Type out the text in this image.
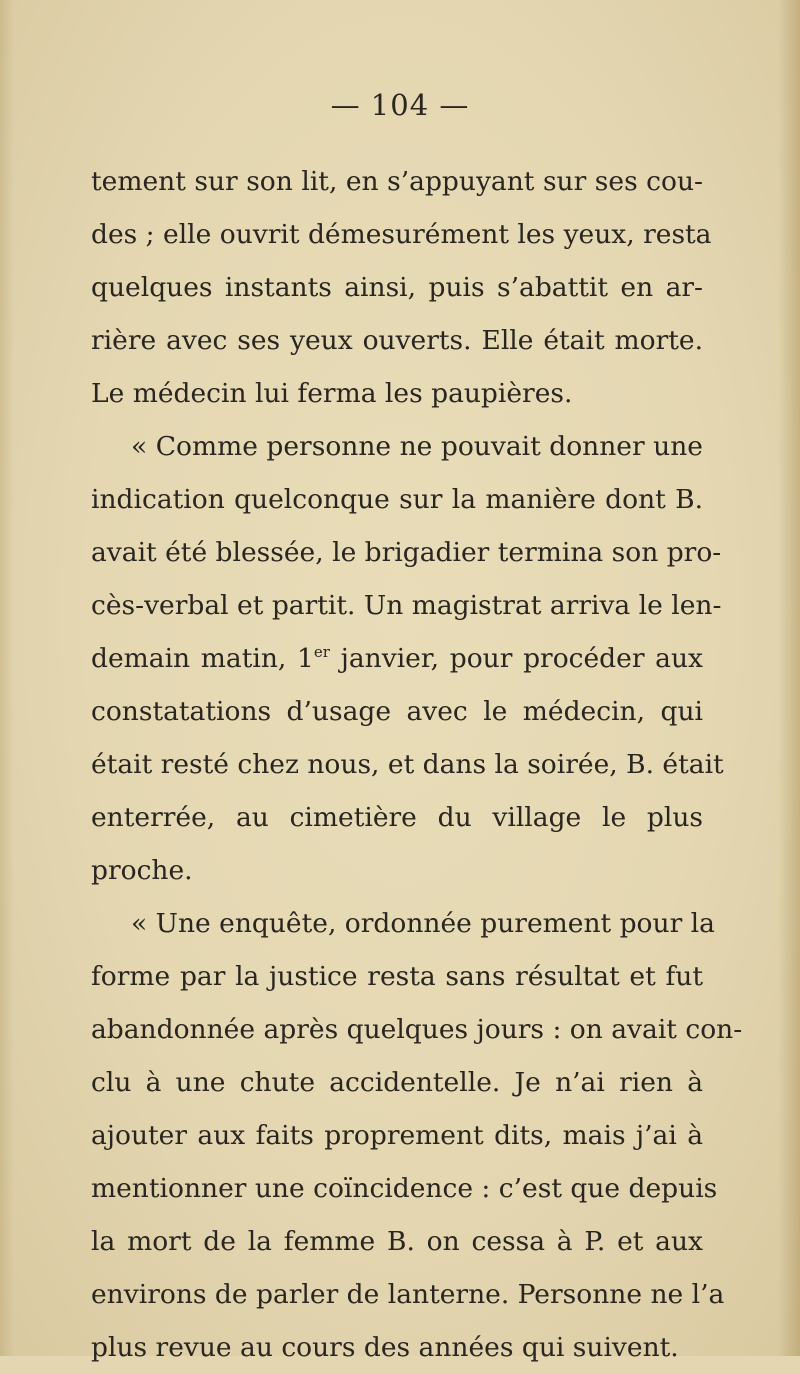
— 104 —
tement sur son lit, en s’appuyant sur ses cou-
des ; elle ouvrit démesurément les yeux, resta
quelques instants ainsi, puis s’abattit en ar-
rière avec ses yeux ouverts. Elle était morte.
Le médecin lui ferma les paupières.
« Comme personne ne pouvait donner une
indication quelconque sur la manière dont B.
avait été blessée, le brigadier termina son pro-
cès-verbal et partit. Un magistrat arriva le len-
demain matin, 1er janvier, pour procéder aux
constatations d’usage avec le médecin, qui
était resté chez nous, et dans la soirée, B. était
enterrée, au cimetière du village le plus
proche.
« Une enquête, ordonnée purement pour la
forme par la justice resta sans résultat et fut
abandonnée après quelques jours : on avait con-
clu à une chute accidentelle. Je n’ai rien à
ajouter aux faits proprement dits, mais j’ai à
mentionner une coïncidence : c’est que depuis
la mort de la femme B. on cessa à P. et aux
environs de parler de lanterne. Personne ne l’a
plus revue au cours des années qui suivent.
